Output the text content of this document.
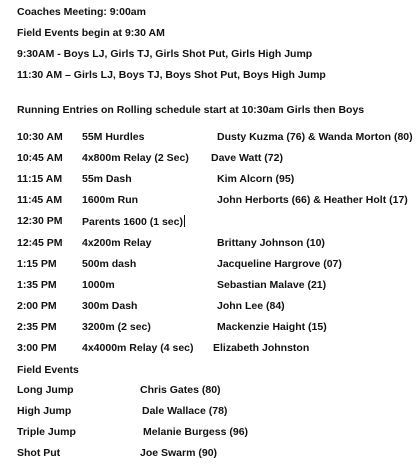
Coaches Meeting: 9:00am
Field Events begin at 9:30 AM
9:30AM - Boys LJ, Girls TJ, Girls Shot Put, Girls High Jump
11:30 AM – Girls LJ, Boys TJ, Boys Shot Put, Boys High Jump
Running Entries on Rolling schedule start at 10:30am Girls then Boys
10:30 AM 55M Hurdles	Dusty Kuzma (76) & Wanda Morton (80)
10:45 AM 4x800m Relay (2 Sec) Dave Watt (72)
11:15 AM 55m Dash	Kim Alcorn (95)
11:45 AM 1600m Run	John Herborts (66) & Heather Holt (17)
12:30 PM Parents 1600 (1 sec)
12:45 PM 4x200m Relay	Brittany Johnson (10)
1:15 PM 500m dash	Jacqueline Hargrove (07)
1:35 PM 1000m	Sebastian Malave (21)
2:00 PM 300m Dash	John Lee (84)
2:35 PM 3200m (2 sec)	Mackenzie Haight (15)
3:00 PM 4x4000m Relay (4 sec) Elizabeth Johnston
Field Events
Long Jump	Chris Gates (80)
High Jump	Dale Wallace (78)
Triple Jump	Melanie Burgess (96)
Shot Put	Joe Swarm (90)
